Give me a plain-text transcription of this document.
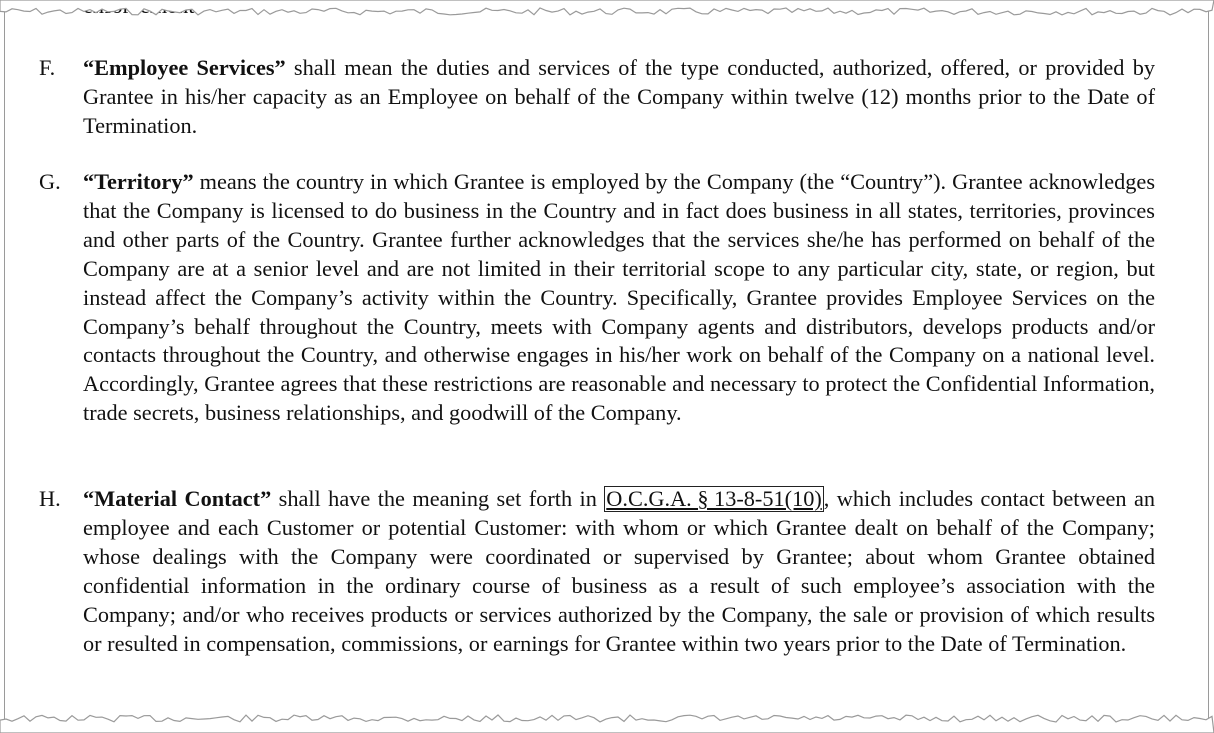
F. “Employee Services” shall mean the duties and services of the type conducted, authorized, offered, or provided by Grantee in his/her capacity as an Employee on behalf of the Company within twelve (12) months prior to the Date of Termination.

G. “Territory” means the country in which Grantee is employed by the Company (the “Country”). Grantee acknowledges that the Company is licensed to do business in the Country and in fact does business in all states, territories, provinces and other parts of the Country. Grantee further acknowledges that the services she/he has performed on behalf of the Company are at a senior level and are not limited in their territorial scope to any particular city, state, or region, but instead affect the Company’s activity within the Country. Specifically, Grantee provides Employee Services on the Company’s behalf throughout the Country, meets with Company agents and distributors, develops products and/or contacts throughout the Country, and otherwise engages in his/her work on behalf of the Company on a national level. Accordingly, Grantee agrees that these restrictions are reasonable and necessary to protect the Confidential Information, trade secrets, business relationships, and goodwill of the Company.

H. “Material Contact” shall have the meaning set forth in O.C.G.A. § 13-8-51(10), which includes contact between an employee and each Customer or potential Customer: with whom or which Grantee dealt on behalf of the Company; whose dealings with the Company were coordinated or supervised by Grantee; about whom Grantee obtained confidential information in the ordinary course of business as a result of such employee’s association with the Company; and/or who receives products or services authorized by the Company, the sale or provision of which results or resulted in compensation, commissions, or earnings for Grantee within two years prior to the Date of Termination.
